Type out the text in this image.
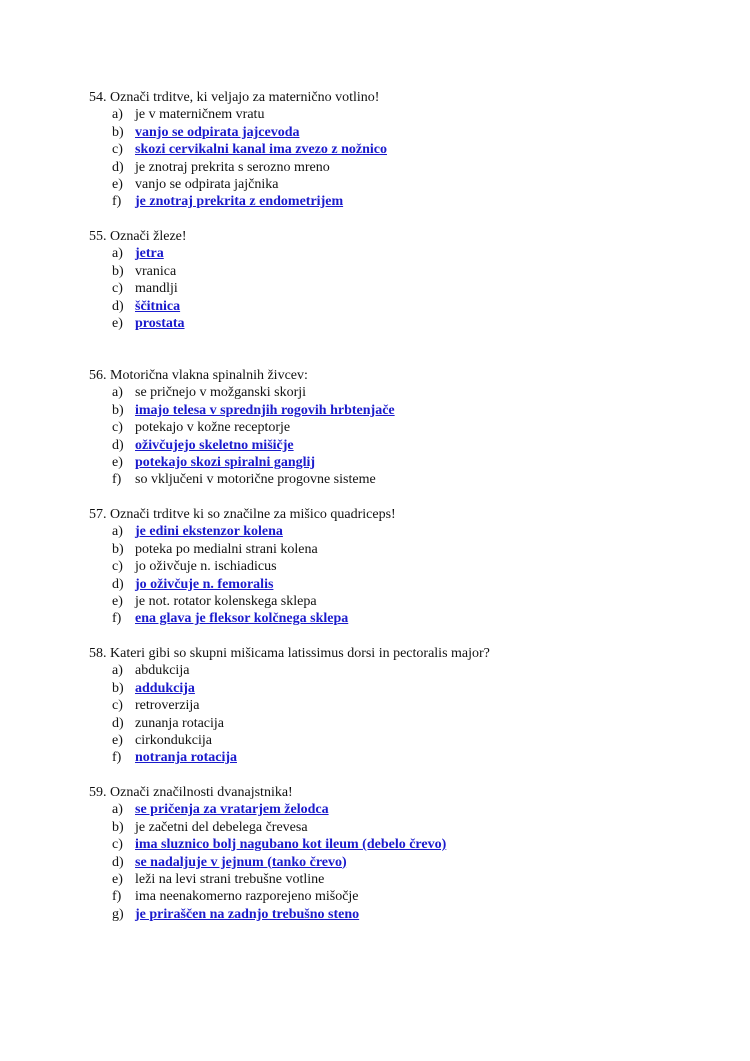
54. Označi trditve, ki veljajo za maternično votlino!
a) je v materničnem vratu
b) vanjo se odpirata jajcevoda
c) skozi cervikalni kanal ima zvezo z nožnico
d) je znotraj prekrita s serozno mreno
e) vanjo se odpirata jajčnika
f) je znotraj prekrita z endometrijem
55. Označi žleze!
a) jetra
b) vranica
c) mandlji
d) ščitnica
e) prostata
56. Motorična vlakna spinalnih živcev:
a) se pričnejo v možganski skorji
b) imajo telesa v sprednjih rogovih hrbtenjače
c) potekajo v kožne receptorje
d) oživčujejo skeletno mišičje
e) potekajo skozi spiralni ganglij
f) so vključeni v motorične progovne sisteme
57. Označi trditve ki so značilne za mišico quadriceps!
a) je edini ekstenzor kolena
b) poteka po medialni strani kolena
c) jo oživčuje n. ischiadicus
d) jo oživčuje n. femoralis
e) je not. rotator kolenskega sklepa
f) ena glava je fleksor kolčnega sklepa
58. Kateri gibi so skupni mišicama latissimus dorsi in pectoralis major?
a) abdukcija
b) addukcija
c) retroverzija
d) zunanja rotacija
e) cirkondukcija
f) notranja rotacija
59. Označi značilnosti dvanajstnika!
a) se pričenja za vratarjem želodca
b) je začetni del debelega črevesa
c) ima sluznico bolj nagubano kot ileum (debelo črevo)
d) se nadaljuje v jejnum (tanko črevo)
e) leži na levi strani trebušne votline
f) ima neenakomerno razporejeno mišočje
g) je priraščen na zadnjo trebušno steno
